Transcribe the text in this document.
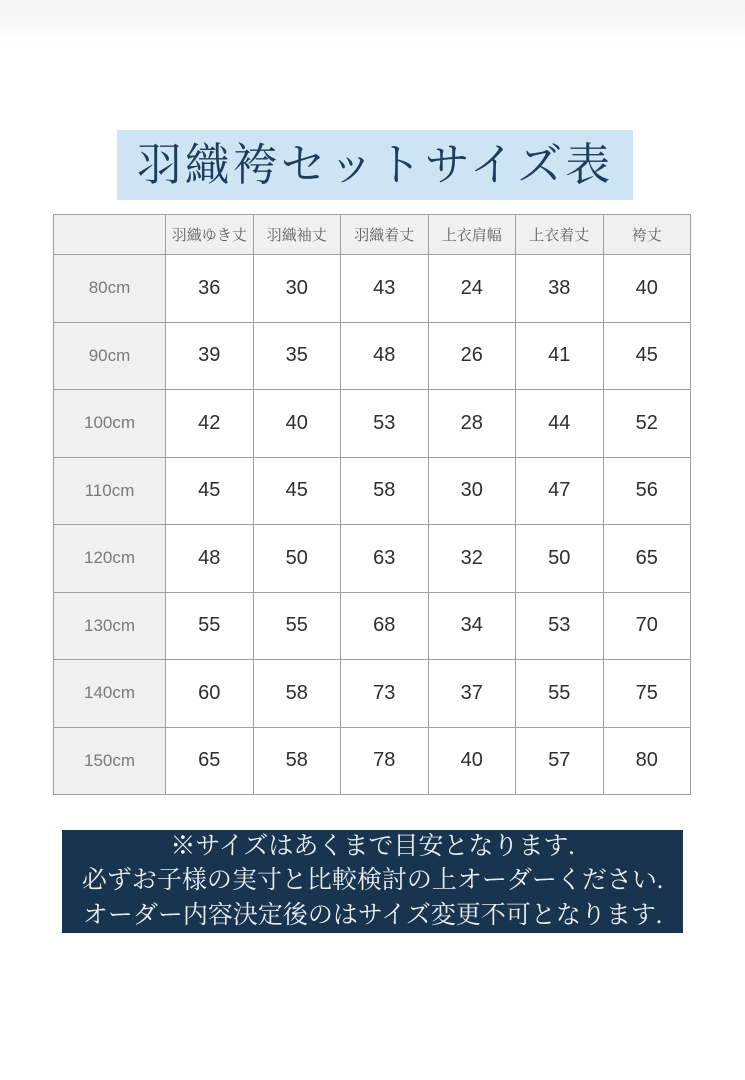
羽織袴セットサイズ表
	羽織ゆき丈	羽織袖丈	羽織着丈	上衣肩幅	上衣着丈	袴丈
80cm	36	30	43	24	38	40
90cm	39	35	48	26	41	45
100cm	42	40	53	28	44	52
110cm	45	45	58	30	47	56
120cm	48	50	63	32	50	65
130cm	55	55	68	34	53	70
140cm	60	58	73	37	55	75
150cm	65	58	78	40	57	80
※サイズはあくまで目安となります.
必ずお子様の実寸と比較検討の上オーダーください.
オーダー内容決定後のはサイズ変更不可となります.
